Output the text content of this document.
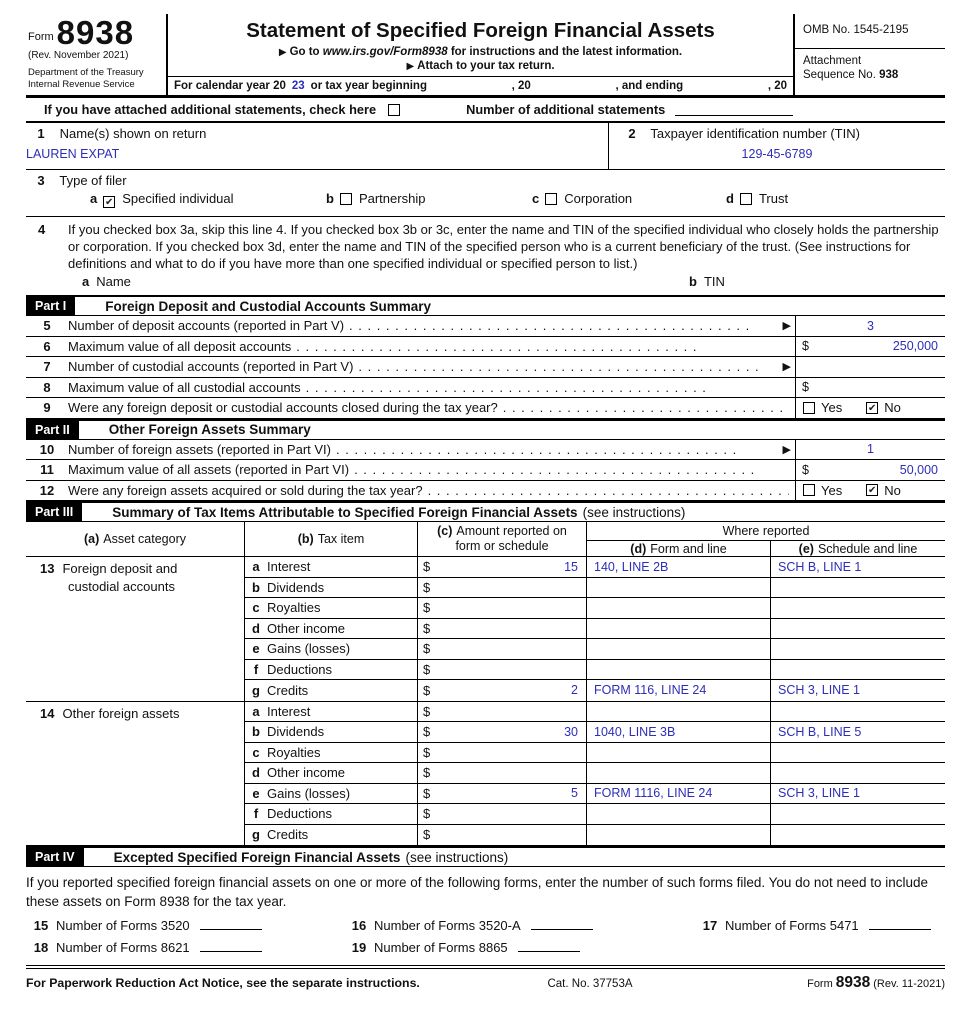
Form 8938
(Rev. November 2021)
Department of the Treasury
Internal Revenue Service
Statement of Specified Foreign Financial Assets
▶ Go to www.irs.gov/Form8938 for instructions and the latest information.
▶ Attach to your tax return.
For calendar year 20 23 or tax year beginning	, 20	, and ending	, 20
OMB No. 1545-2195
Attachment
Sequence No. 938
If you have attached additional statements, check here	Number of additional statements
1 Name(s) shown on return
LAUREN EXPAT
2 Taxpayer identification number (TIN)
129-45-6789
3 Type of filer
a ✔ Specified individual	b Partnership	c Corporation	d Trust
4 If you checked box 3a, skip this line 4. If you checked box 3b or 3c, enter the name and TIN of the specified individual who closely holds the partnership or corporation. If you checked box 3d, enter the name and TIN of the specified person who is a current beneficiary of the trust. (See instructions for definitions and what to do if you have more than one specified individual or specified person to list.)
a Name	b TIN
Part I	Foreign Deposit and Custodial Accounts Summary
5	Number of deposit accounts (reported in Part V) . .	▶	3
6	Maximum value of all deposit accounts . .	$	250,000
7	Number of custodial accounts (reported in Part V) . .	▶
8	Maximum value of all custodial accounts . .	$
9	Were any foreign deposit or custodial accounts closed during the tax year? . .	Yes	✔ No
Part II	Other Foreign Assets Summary
10	Number of foreign assets (reported in Part VI) . .	▶	1
11	Maximum value of all assets (reported in Part VI) . .	$	50,000
12	Were any foreign assets acquired or sold during the tax year? . .	Yes	✔ No
Part III	Summary of Tax Items Attributable to Specified Foreign Financial Assets (see instructions)
(a) Asset category	(b) Tax item
(c) Amount reported on
form or schedule
Where reported
(d) Form and line	(e) Schedule and line
13 Foreign deposit and
custodial accounts
a Interest	$	15	140, LINE 2B	SCH B, LINE 1
b Dividends	$
c Royalties	$
d Other income	$
e Gains (losses)	$
f Deductions	$
g Credits	$	2	FORM 116, LINE 24	SCH 3, LINE 1
14 Other foreign assets	a Interest	$
b Dividends	$	30	1040, LINE 3B	SCH B, LINE 5
c Royalties	$
d Other income	$
e Gains (losses)	$	5	FORM 1116, LINE 24	SCH 3, LINE 1
f Deductions	$
g Credits	$
Part IV	Excepted Specified Foreign Financial Assets (see instructions)
If you reported specified foreign financial assets on one or more of the following forms, enter the number of such forms filed. You do not need to include these assets on Form 8938 for the tax year.
15 Number of Forms 3520	16 Number of Forms 3520-A	17 Number of Forms 5471
18 Number of Forms 8621	19 Number of Forms 8865
For Paperwork Reduction Act Notice, see the separate instructions.	Cat. No. 37753A	Form 8938 (Rev. 11-2021)
